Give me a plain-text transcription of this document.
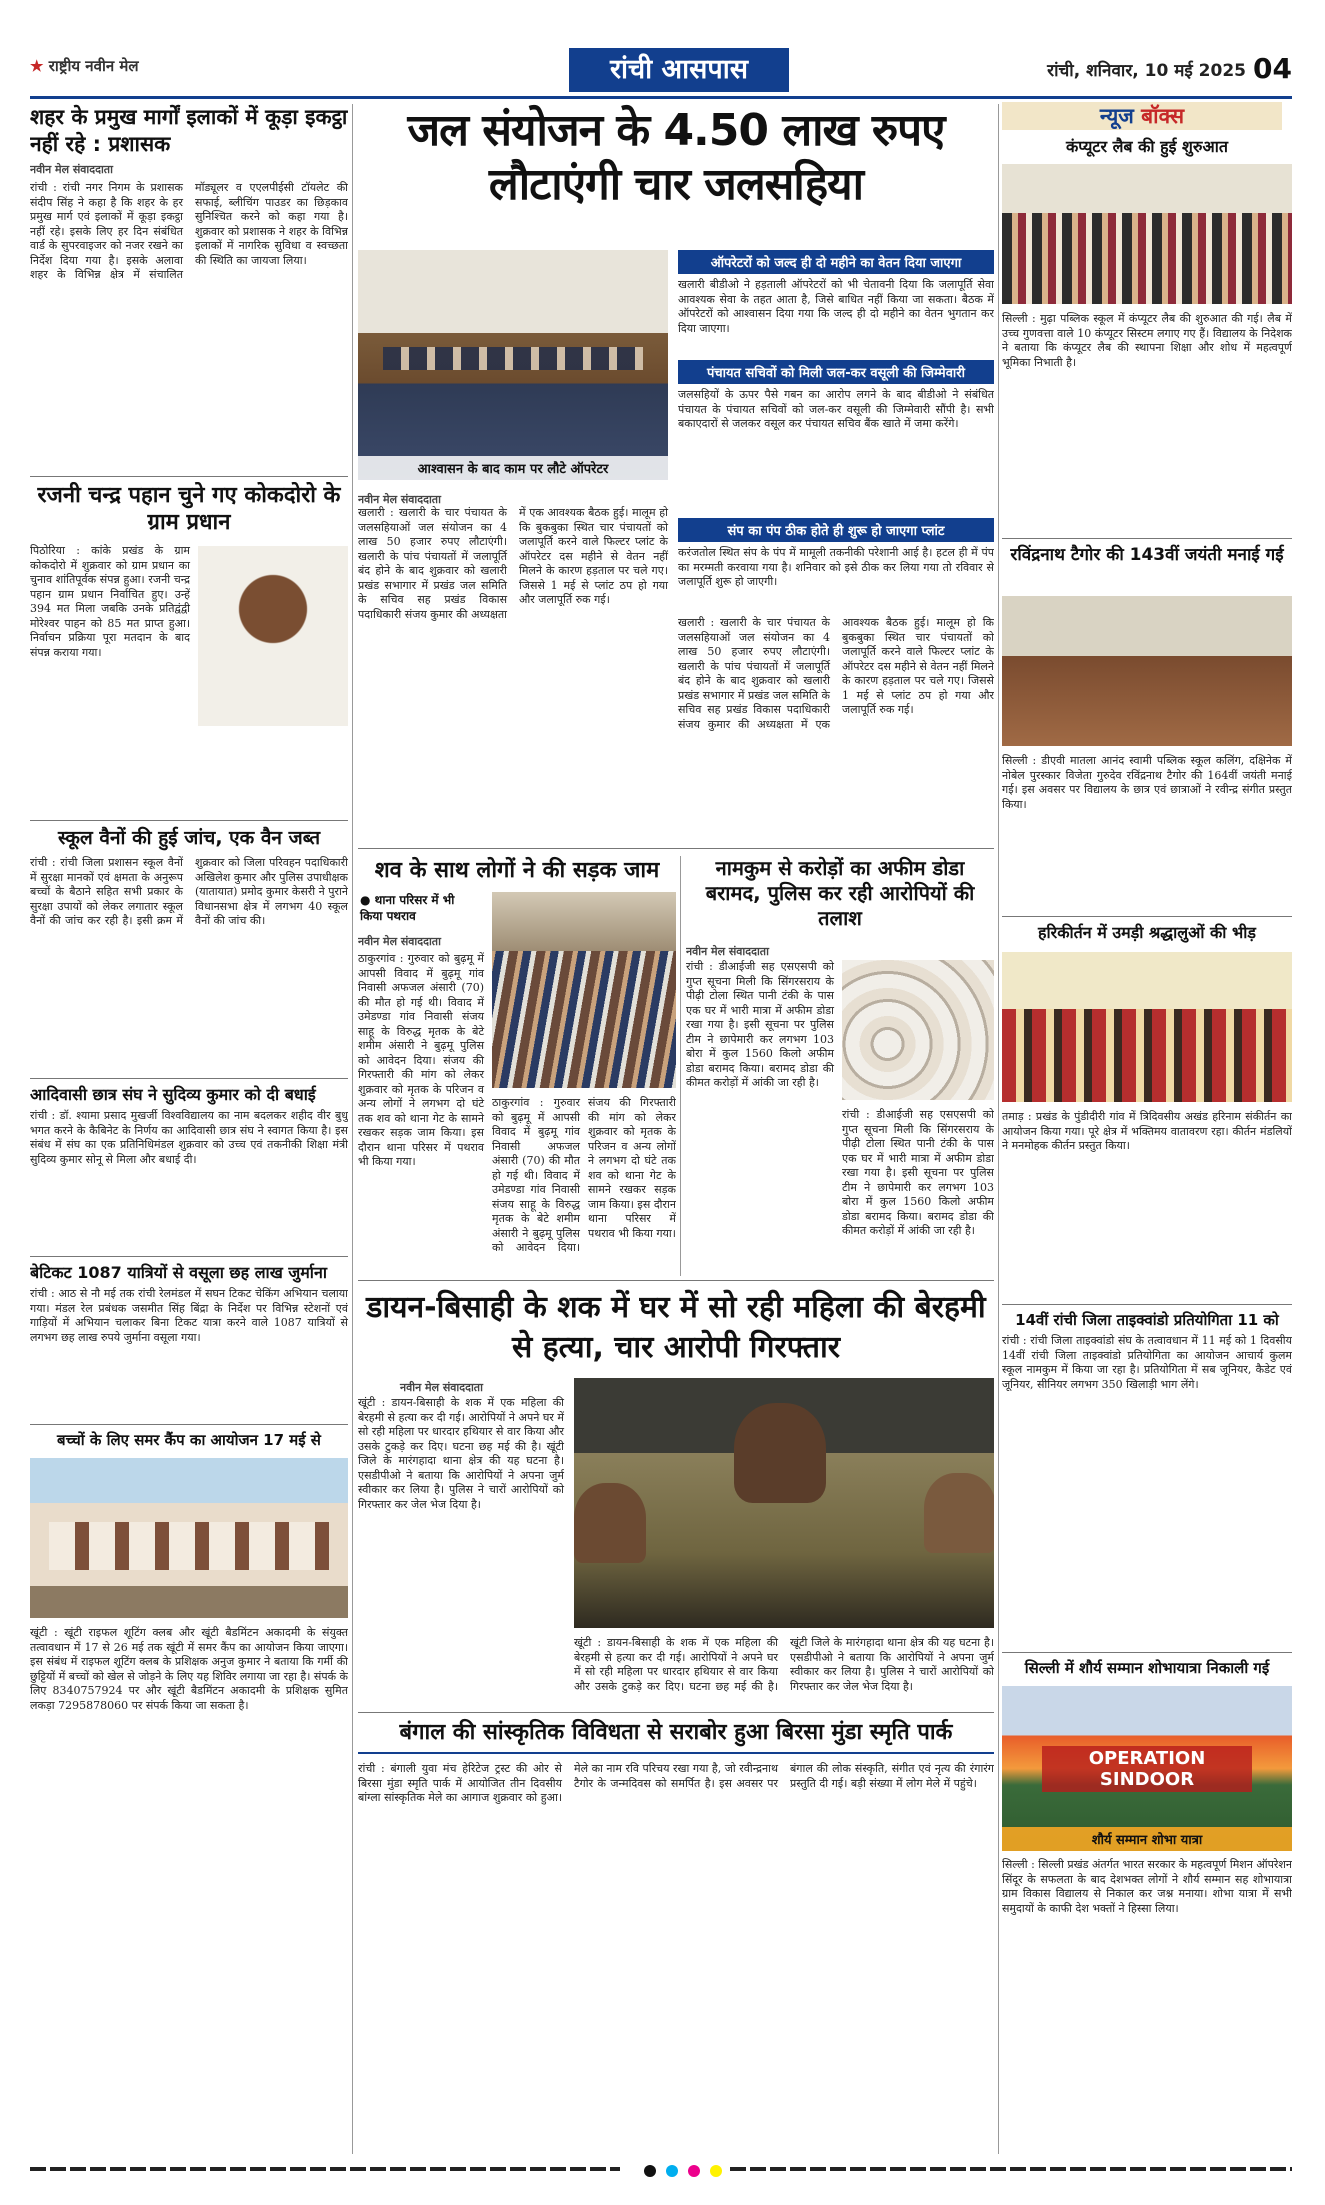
★ राष्ट्रीय नवीन मेल	रांची आसपास	रांची, शनिवार, 10 मई 2025 04
शहर के प्रमुख मार्गों इलाकों में कूड़ा इकट्ठा नहीं रहे : प्रशासक
नवीन मेल संवाददाता
रांची : रांची नगर निगम के प्रशासक संदीप सिंह ने कहा है कि शहर के हर प्रमुख मार्ग एवं इलाकों में कूड़ा इकट्ठा नहीं रहे। इसके लिए हर दिन संबंधित वार्ड के सुपरवाइजर को नजर रखने का निर्देश दिया गया है। इसके अलावा शहर के विभिन्न क्षेत्र में संचालित मॉड्यूलर व एएलपीईसी टॉयलेट की सफाई, ब्लीचिंग पाउडर का छिड़काव सुनिश्चित करने को कहा गया है। शुक्रवार को प्रशासक ने शहर के विभिन्न इलाकों में नागरिक सुविधा व स्वच्छता की स्थिति का जायजा लिया।
रजनी चन्द्र पहान चुने गए कोकदोरो के ग्राम प्रधान
पिठोरिया : कांके प्रखंड के ग्राम कोकदोरो में शुक्रवार को ग्राम प्रधान का चुनाव शांतिपूर्वक संपन्न हुआ। रजनी चन्द्र पहान ग्राम प्रधान निर्वाचित हुए। उन्हें 394 मत मिला जबकि उनके प्रतिद्वंद्वी मोरेश्वर पाहन को 85 मत प्राप्त हुआ। निर्वाचन प्रक्रिया पूरा मतदान के बाद संपन्न कराया गया।
स्कूल वैनों की हुई जांच, एक वैन जब्त
रांची : रांची जिला प्रशासन स्कूल वैनों में सुरक्षा मानकों एवं क्षमता के अनुरूप बच्चों के बैठाने सहित सभी प्रकार के सुरक्षा उपायों को लेकर लगातार स्कूल वैनों की जांच कर रही है। इसी क्रम में शुक्रवार को जिला परिवहन पदाधिकारी अखिलेश कुमार और पुलिस उपाधीक्षक (यातायात) प्रमोद कुमार केसरी ने पुराने विधानसभा क्षेत्र में लगभग 40 स्कूल वैनों की जांच की।
आदिवासी छात्र संघ ने सुदिव्य कुमार को दी बधाई
रांची : डॉ. श्यामा प्रसाद मुखर्जी विश्वविद्यालय का नाम बदलकर शहीद वीर बुधु भगत करने के कैबिनेट के निर्णय का आदिवासी छात्र संघ ने स्वागत किया है। इस संबंध में संघ का एक प्रतिनिधिमंडल शुक्रवार को उच्च एवं तकनीकी शिक्षा मंत्री सुदिव्य कुमार सोनू से मिला और बधाई दी।
बेटिकट 1087 यात्रियों से वसूला छह लाख जुर्माना
रांची : आठ से नौ मई तक रांची रेलमंडल में सघन टिकट चेकिंग अभियान चलाया गया। मंडल रेल प्रबंधक जसमीत सिंह बिंद्रा के निर्देश पर विभिन्न स्टेशनों एवं गाड़ियों में अभियान चलाकर बिना टिकट यात्रा करने वाले 1087 यात्रियों से लगभग छह लाख रुपये जुर्माना वसूला गया।
बच्चों के लिए समर कैंप का आयोजन 17 मई से
खूंटी : खूंटी राइफल शूटिंग क्लब और खूंटी बैडमिंटन अकादमी के संयुक्त तत्वावधान में 17 से 26 मई तक खूंटी में समर कैंप का आयोजन किया जाएगा। इस संबंध में राइफल शूटिंग क्लब के प्रशिक्षक अनुज कुमार ने बताया कि गर्मी की छुट्टियों में बच्चों को खेल से जोड़ने के लिए यह शिविर लगाया जा रहा है। संपर्क के लिए 8340757924 पर और खूंटी बैडमिंटन अकादमी के प्रशिक्षक सुमित लकड़ा 7295878060 पर संपर्क किया जा सकता है।
जल संयोजन के 4.50 लाख रुपए लौटाएंगी चार जलसहिया
आश्वासन के बाद काम पर लौटे ऑपरेटर
ऑपरेटरों को जल्द ही दो महीने का वेतन दिया जाएगा
खलारी बीडीओ ने हड़ताली ऑपरेटरों को भी चेतावनी दिया कि जलापूर्ति सेवा आवश्यक सेवा के तहत आता है, जिसे बाधित नहीं किया जा सकता। बैठक में ऑपरेटरों को आश्वासन दिया गया कि जल्द ही दो महीने का वेतन भुगतान कर दिया जाएगा।
पंचायत सचिवों को मिली जल-कर वसूली की जिम्मेवारी
जलसहियों के ऊपर पैसे गबन का आरोप लगने के बाद बीडीओ ने संबंधित पंचायत के पंचायत सचिवों को जल-कर वसूली की जिम्मेवारी सौंपी है। सभी बकाएदारों से जलकर वसूल कर पंचायत सचिव बैंक खाते में जमा करेंगे।
नवीन मेल संवाददाता
खलारी : खलारी के चार पंचायत के जलसहियाओं जल संयोजन का 4 लाख 50 हजार रुपए लौटाएंगी। खलारी के पांच पंचायतों में जलापूर्ति बंद होने के बाद शुक्रवार को खलारी प्रखंड सभागार में प्रखंड जल समिति के सचिव सह प्रखंड विकास पदाधिकारी संजय कुमार की अध्यक्षता में एक आवश्यक बैठक हुई। मालूम हो कि बुकबुका स्थित चार पंचायतों को जलापूर्ति करने वाले फिल्टर प्लांट के ऑपरेटर दस महीने से वेतन नहीं मिलने के कारण हड़ताल पर चले गए। जिससे 1 मई से प्लांट ठप हो गया और जलापूर्ति रुक गई।
संप का पंप ठीक होते ही शुरू हो जाएगा प्लांट
करंजतोल स्थित संप के पंप में मामूली तकनीकी परेशानी आई है। हटल ही में पंप का मरम्मती करवाया गया है। शनिवार को इसे ठीक कर लिया गया तो रविवार से जलापूर्ति शुरू हो जाएगी।
खलारी : खलारी के चार पंचायत के जलसहियाओं जल संयोजन का 4 लाख 50 हजार रुपए लौटाएंगी। खलारी के पांच पंचायतों में जलापूर्ति बंद होने के बाद शुक्रवार को खलारी प्रखंड सभागार में प्रखंड जल समिति के सचिव सह प्रखंड विकास पदाधिकारी संजय कुमार की अध्यक्षता में एक आवश्यक बैठक हुई। मालूम हो कि बुकबुका स्थित चार पंचायतों को जलापूर्ति करने वाले फिल्टर प्लांट के ऑपरेटर दस महीने से वेतन नहीं मिलने के कारण हड़ताल पर चले गए। जिससे 1 मई से प्लांट ठप हो गया और जलापूर्ति रुक गई।
शव के साथ लोगों ने की सड़क जाम
● थाना परिसर में भी किया पथराव
नवीन मेल संवाददाता
ठाकुरगांव : गुरुवार को बुढ़मू में आपसी विवाद में बुढ़मू गांव निवासी अफजल अंसारी (70) की मौत हो गई थी। विवाद में उमेडण्डा गांव निवासी संजय साहू के विरुद्ध मृतक के बेटे शमीम अंसारी ने बुढ़मू पुलिस को आवेदन दिया। संजय की गिरफ्तारी की मांग को लेकर शुक्रवार को मृतक के परिजन व अन्य लोगों ने लगभग दो घंटे तक शव को थाना गेट के सामने रखकर सड़क जाम किया। इस दौरान थाना परिसर में पथराव भी किया गया।
ठाकुरगांव : गुरुवार को बुढ़मू में आपसी विवाद में बुढ़मू गांव निवासी अफजल अंसारी (70) की मौत हो गई थी। विवाद में उमेडण्डा गांव निवासी संजय साहू के विरुद्ध मृतक के बेटे शमीम अंसारी ने बुढ़मू पुलिस को आवेदन दिया। संजय की गिरफ्तारी की मांग को लेकर शुक्रवार को मृतक के परिजन व अन्य लोगों ने लगभग दो घंटे तक शव को थाना गेट के सामने रखकर सड़क जाम किया। इस दौरान थाना परिसर में पथराव भी किया गया।
नामकुम से करोड़ों का अफीम डोडा बरामद, पुलिस कर रही आरोपियों की तलाश
नवीन मेल संवाददाता
रांची : डीआईजी सह एसएसपी को गुप्त सूचना मिली कि सिंगरसराय के पीढ़ी टोला स्थित पानी टंकी के पास एक घर में भारी मात्रा में अफीम डोडा रखा गया है। इसी सूचना पर पुलिस टीम ने छापेमारी कर लगभग 103 बोरा में कुल 1560 किलो अफीम डोडा बरामद किया। बरामद डोडा की कीमत करोड़ों में आंकी जा रही है।
रांची : डीआईजी सह एसएसपी को गुप्त सूचना मिली कि सिंगरसराय के पीढ़ी टोला स्थित पानी टंकी के पास एक घर में भारी मात्रा में अफीम डोडा रखा गया है। इसी सूचना पर पुलिस टीम ने छापेमारी कर लगभग 103 बोरा में कुल 1560 किलो अफीम डोडा बरामद किया। बरामद डोडा की कीमत करोड़ों में आंकी जा रही है।
डायन-बिसाही के शक में घर में सो रही महिला की बेरहमी से हत्या, चार आरोपी गिरफ्तार
नवीन मेल संवाददाता
खूंटी : डायन-बिसाही के शक में एक महिला की बेरहमी से हत्या कर दी गई। आरोपियों ने अपने घर में सो रही महिला पर धारदार हथियार से वार किया और उसके टुकड़े कर दिए। घटना छह मई की है। खूंटी जिले के मारंगहादा थाना क्षेत्र की यह घटना है। एसडीपीओ ने बताया कि आरोपियों ने अपना जुर्म स्वीकार कर लिया है। पुलिस ने चारों आरोपियों को गिरफ्तार कर जेल भेज दिया है।
खूंटी : डायन-बिसाही के शक में एक महिला की बेरहमी से हत्या कर दी गई। आरोपियों ने अपने घर में सो रही महिला पर धारदार हथियार से वार किया और उसके टुकड़े कर दिए। घटना छह मई की है। खूंटी जिले के मारंगहादा थाना क्षेत्र की यह घटना है। एसडीपीओ ने बताया कि आरोपियों ने अपना जुर्म स्वीकार कर लिया है। पुलिस ने चारों आरोपियों को गिरफ्तार कर जेल भेज दिया है।
बंगाल की सांस्कृतिक विविधता से सराबोर हुआ बिरसा मुंडा स्मृति पार्क
रांची : बंगाली युवा मंच हेरिटेज ट्रस्ट की ओर से बिरसा मुंडा स्मृति पार्क में आयोजित तीन दिवसीय बांग्ला सांस्कृतिक मेले का आगाज शुक्रवार को हुआ। मेले का नाम रवि परिचय रखा गया है, जो रवीन्द्रनाथ टैगोर के जन्मदिवस को समर्पित है। इस अवसर पर बंगाल की लोक संस्कृति, संगीत एवं नृत्य की रंगारंग प्रस्तुति दी गई। बड़ी संख्या में लोग मेले में पहुंचे।
न्यूज बॉक्स
कंप्यूटर लैब की हुई शुरुआत
सिल्ली : मुढ़ा पब्लिक स्कूल में कंप्यूटर लैब की शुरुआत की गई। लैब में उच्च गुणवत्ता वाले 10 कंप्यूटर सिस्टम लगाए गए हैं। विद्यालय के निदेशक ने बताया कि कंप्यूटर लैब की स्थापना शिक्षा और शोध में महत्वपूर्ण भूमिका निभाती है।
रविंद्रनाथ टैगोर की 143वीं जयंती मनाई गई
सिल्ली : डीएवी मातला आनंद स्वामी पब्लिक स्कूल कलिंग, दक्षिनेक में नोबेल पुरस्कार विजेता गुरुदेव रविंद्रनाथ टैगोर की 164वीं जयंती मनाई गई। इस अवसर पर विद्यालय के छात्र एवं छात्राओं ने रवीन्द्र संगीत प्रस्तुत किया।
हरिकीर्तन में उमड़ी श्रद्धालुओं की भीड़
तमाड़ : प्रखंड के पुंडीदीरी गांव में त्रिदिवसीय अखंड हरिनाम संकीर्तन का आयोजन किया गया। पूरे क्षेत्र में भक्तिमय वातावरण रहा। कीर्तन मंडलियों ने मनमोहक कीर्तन प्रस्तुत किया।
14वीं रांची जिला ताइक्वांडो प्रतियोगिता 11 को
रांची : रांची जिला ताइक्वांडो संघ के तत्वावधान में 11 मई को 1 दिवसीय 14वीं रांची जिला ताइक्वांडो प्रतियोगिता का आयोजन आचार्य कुलम स्कूल नामकुम में किया जा रहा है। प्रतियोगिता में सब जूनियर, कैडेट एवं जूनियर, सीनियर लगभग 350 खिलाड़ी भाग लेंगे।
सिल्ली में शौर्य सम्मान शोभायात्रा निकाली गई
OPERATION SINDOOR
शौर्य सम्मान शोभा यात्रा
सिल्ली : सिल्ली प्रखंड अंतर्गत भारत सरकार के महत्वपूर्ण मिशन ऑपरेशन सिंदूर के सफलता के बाद देशभक्त लोगों ने शौर्य सम्मान सह शोभायात्रा ग्राम विकास विद्यालय से निकाल कर जश्न मनाया। शोभा यात्रा में सभी समुदायों के काफी देश भक्तों ने हिस्सा लिया।
